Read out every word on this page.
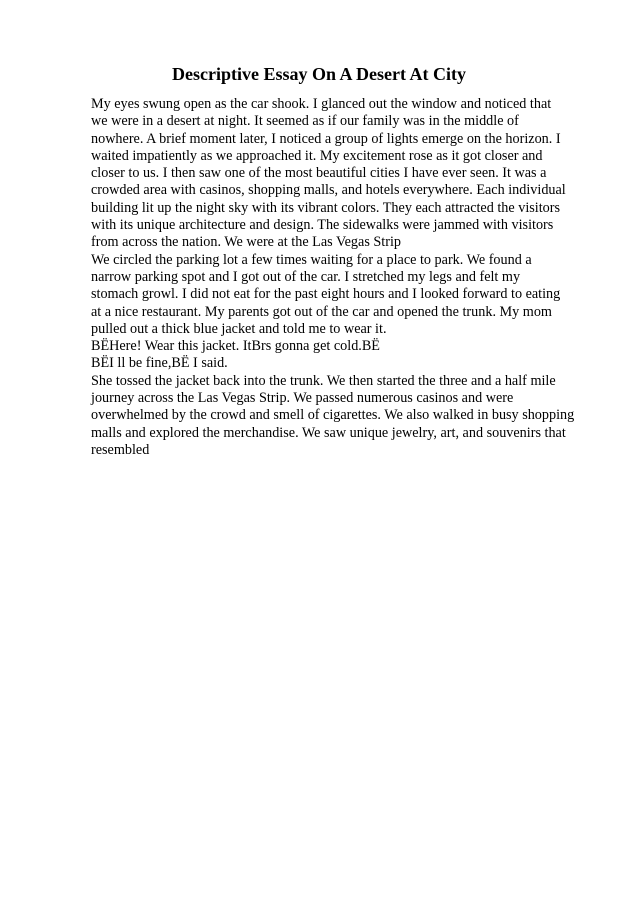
Descriptive Essay On A Desert At City
My eyes swung open as the car shook. I glanced out the window and noticed that
we were in a desert at night. It seemed as if our family was in the middle of
nowhere. A brief moment later, I noticed a group of lights emerge on the horizon. I
waited impatiently as we approached it. My excitement rose as it got closer and
closer to us. I then saw one of the most beautiful cities I have ever seen. It was a
crowded area with casinos, shopping malls, and hotels everywhere. Each individual
building lit up the night sky with its vibrant colors. They each attracted the visitors
with its unique architecture and design. The sidewalks were jammed with visitors
from across the nation. We were at the Las Vegas Strip
We circled the parking lot a few times waiting for a place to park. We found a
narrow parking spot and I got out of the car. I stretched my legs and felt my
stomach growl. I did not eat for the past eight hours and I looked forward to eating
at a nice restaurant. My parents got out of the car and opened the trunk. My mom
pulled out a thick blue jacket and told me to wear it.
BËHere! Wear this jacket. ItBrs gonna get cold.BË
BËI ll be fine,BË I said.
She tossed the jacket back into the trunk. We then started the three and a half mile
journey across the Las Vegas Strip. We passed numerous casinos and were
overwhelmed by the crowd and smell of cigarettes. We also walked in busy shopping
malls and explored the merchandise. We saw unique jewelry, art, and souvenirs that
resembled
